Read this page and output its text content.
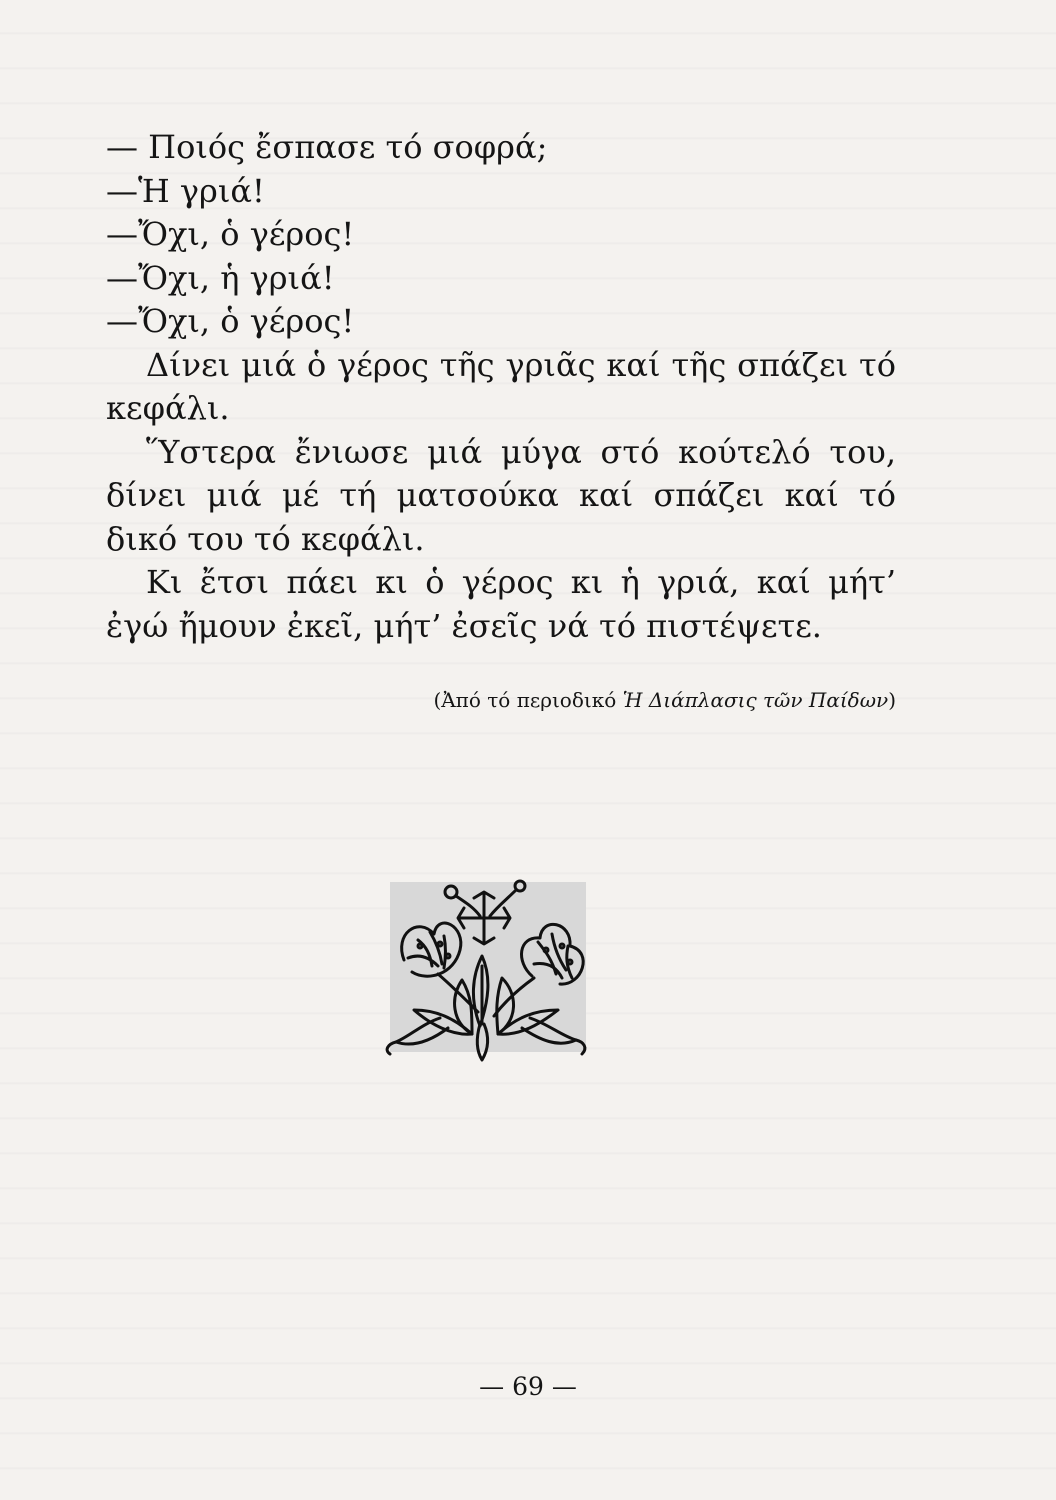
— Ποιός ἔσπασε τό σοφρά;
—Ἡ γριά!
—Ὄχι, ὁ γέρος!
—Ὄχι, ἡ γριά!
—Ὄχι, ὁ γέρος!
Δίνει μιά ὁ γέρος τῆς γριᾶς καί τῆς σπάζει τό κεφάλι.
Ὕστερα ἔνιωσε μιά μύγα στό κούτελό του, δίνει μιά μέ τή ματσούκα καί σπάζει καί τό δικό του τό κεφάλι.
Κι ἔτσι πάει κι ὁ γέρος κι ἡ γριά, καί μήτ’ ἐγώ ἤμουν ἐκεῖ, μήτ’ ἐσεῖς νά τό πιστέψετε.
(Ἀπό τό περιοδικό Ἡ Διάπλασις τῶν Παίδων)
— 69 —
